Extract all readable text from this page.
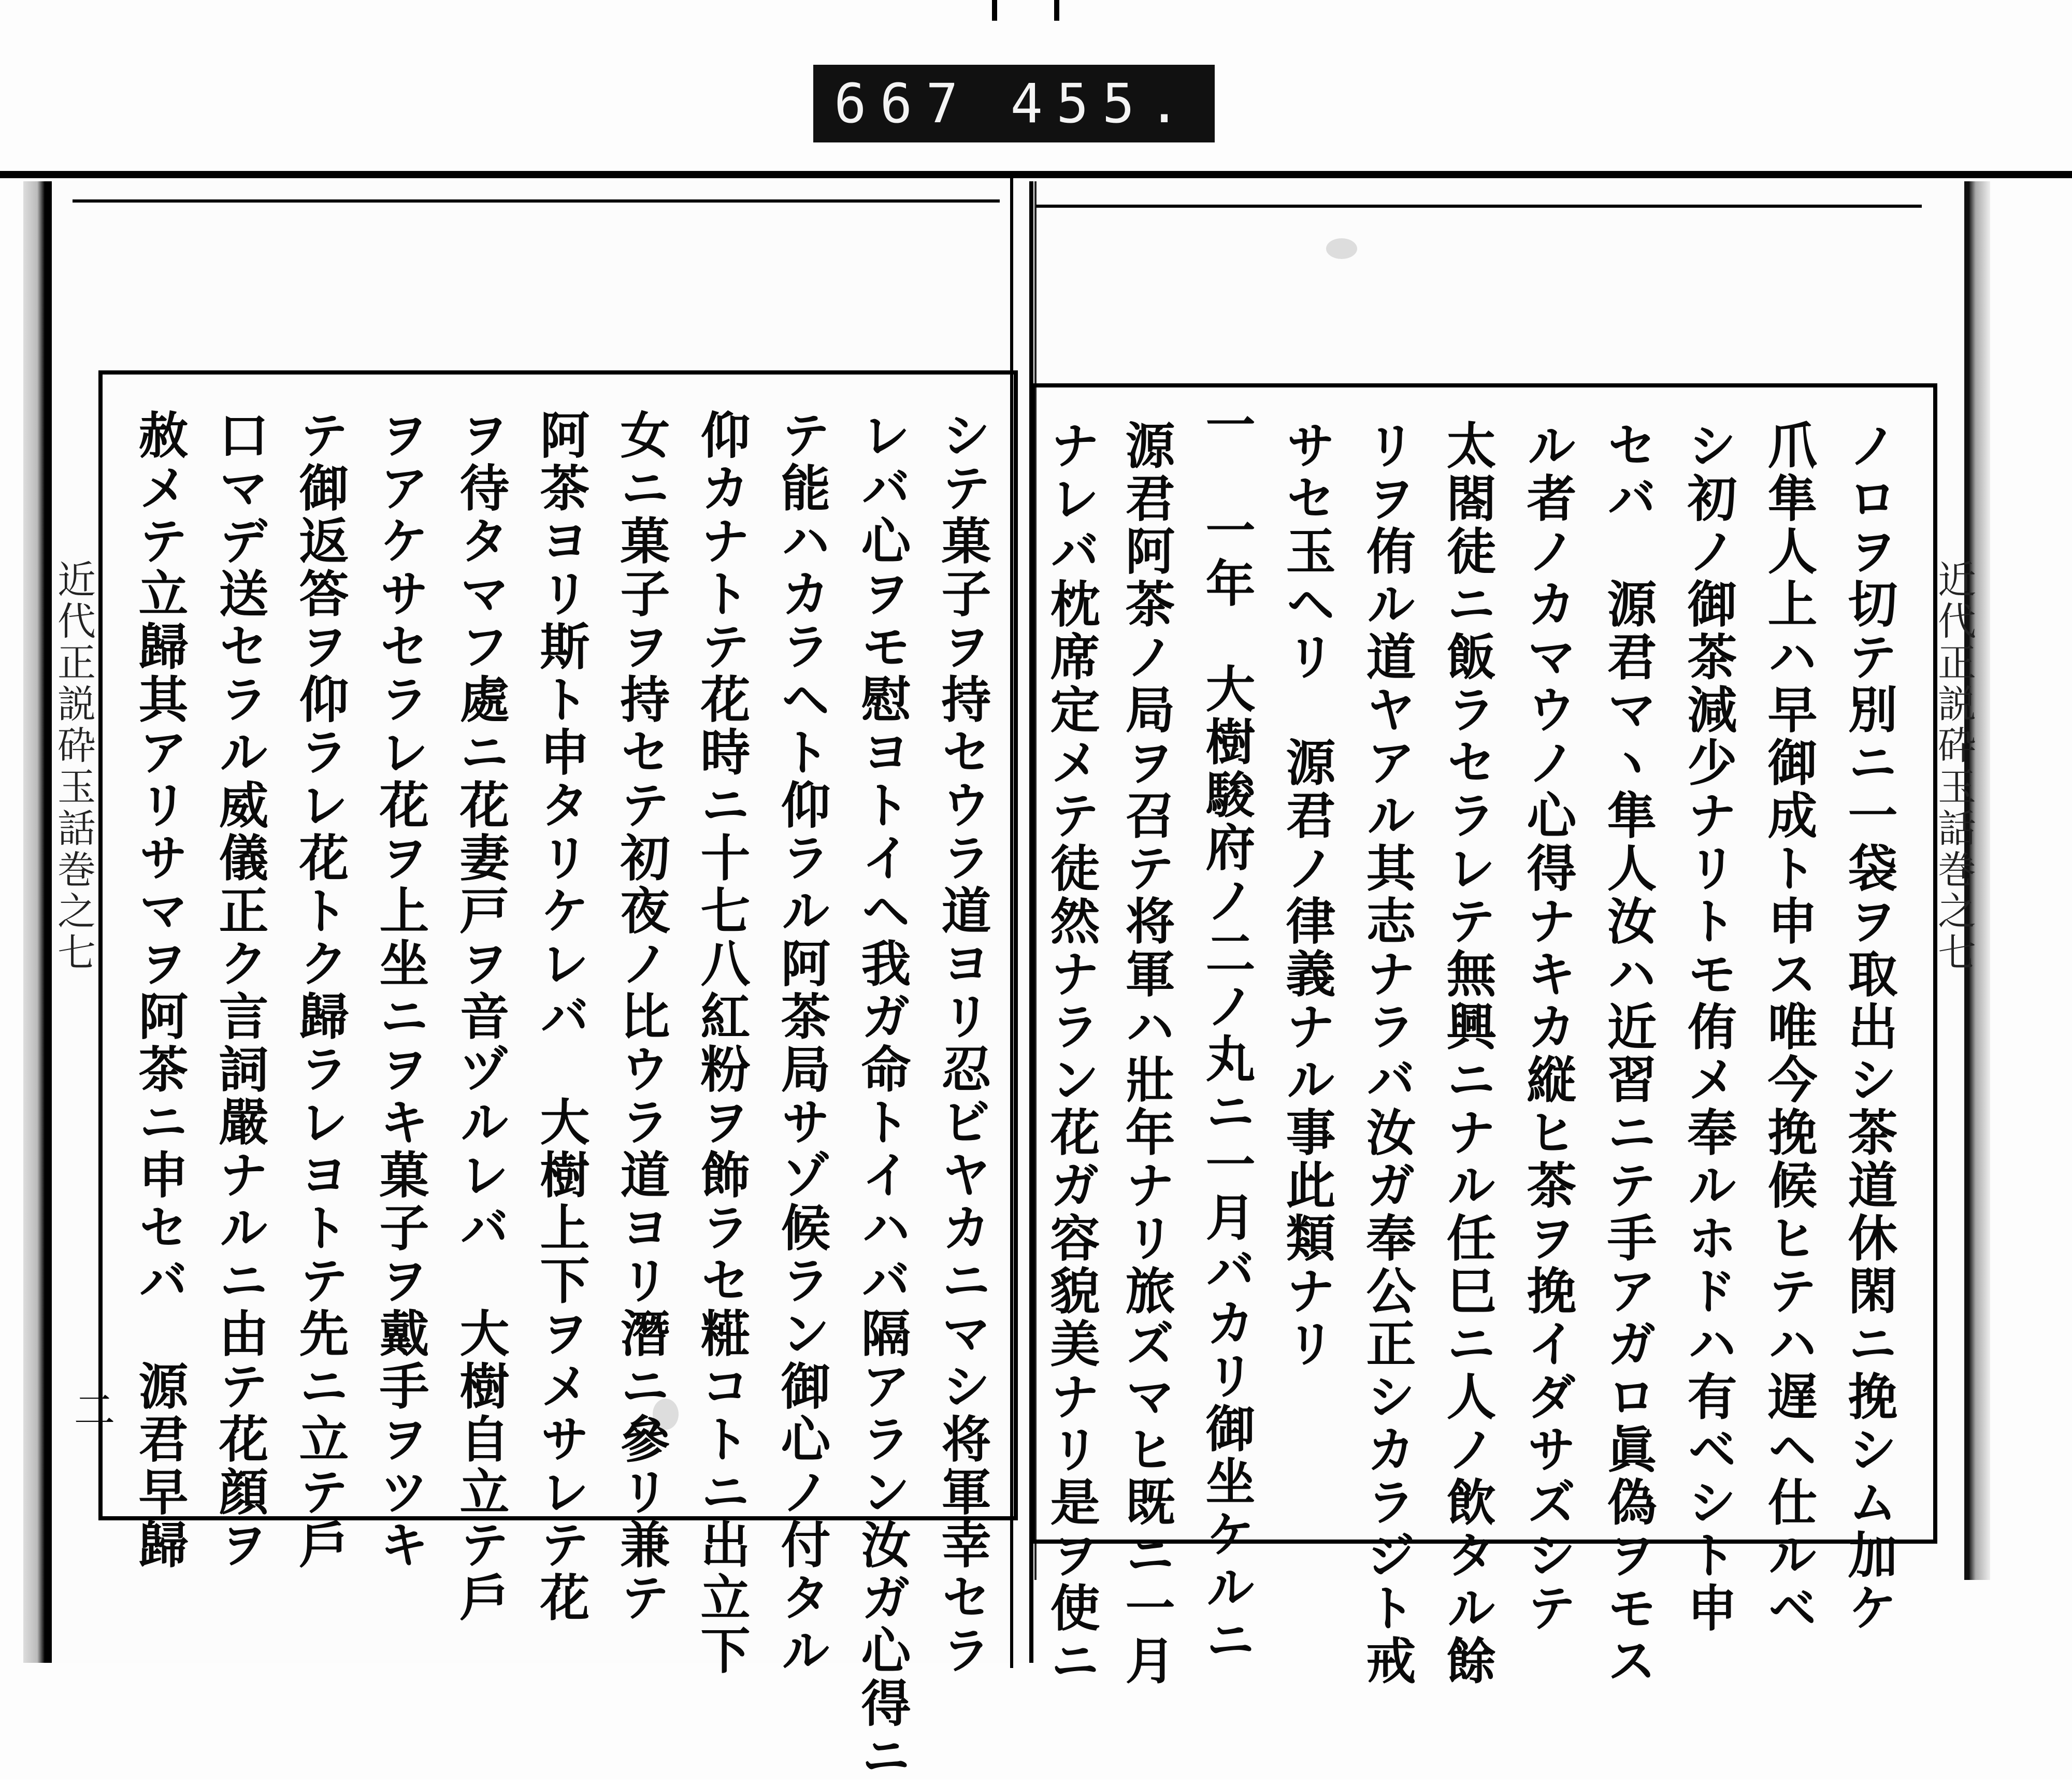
667 455.
近代正説砕玉話巻之七	近代正説砕玉話巻之七
二	ノロヲ切テ別ニ一袋ヲ取出シ茶道休閑ニ挽シム加ケ
爪隼人上ハ早御成ト申ス唯今挽候ヒテハ遅ヘ仕ルベ
シ初ノ御茶減少ナリトモ侑メ奉ルホドハ有ベシト申
セバ　源君マヽ隼人汝ハ近習ニテ手アガロ眞偽ヲモス
ル者ノカマウノ心得ナキカ縦ヒ茶ヲ挽イダサズシテ
太閤徒ニ飯ラセラレテ無興ニナル任巳ニ人ノ飲タル餘
リヲ侑ル道ヤアル其志ナラバ汝ガ奉公正シカラジト戒
サセ玉ヘリ　源君ノ律義ナル事此類ナリ
一　一年　大樹駿府ノ二ノ丸ニ一月バカリ御坐ケルニ
源君阿茶ノ局ヲ召テ将軍ハ壯年ナリ旅ズマヒ既ニ一月
ナレバ枕席定メテ徒然ナラン花ガ容貌美ナリ是ヲ使ニ
シテ菓子ヲ持セウラ道ヨリ忍ビヤカニマシ将軍幸セラ
レバ心ヲモ慰ヨトイヘ我ガ命トイハバ隔アラン汝ガ心得ニ
テ能ハカラヘト仰ラル阿茶局サゾ候ラン御心ノ付タル
仰カナトテ花時ニ十七八紅粉ヲ飾ラセ糚コトニ出立下
女ニ菓子ヲ持セテ初夜ノ比ウラ道ヨリ潛ニ參リ兼テ
阿茶ヨリ斯ト申タリケレバ　大樹上下ヲメサレテ花
ヲ待タマフ處ニ花妻戸ヲ音ヅルレバ　大樹自立テ戶
ヲアケサセラレ花ヲ上坐ニヲキ菓子ヲ戴手ヲツキ
テ御返答ヲ仰ラレ花トク歸ラレヨトテ先ニ立テ戶
口マデ送セラル威儀正ク言詞嚴ナルニ由テ花顔ヲ
赦メテ立歸其アリサマヲ阿茶ニ申セバ　源君早歸
